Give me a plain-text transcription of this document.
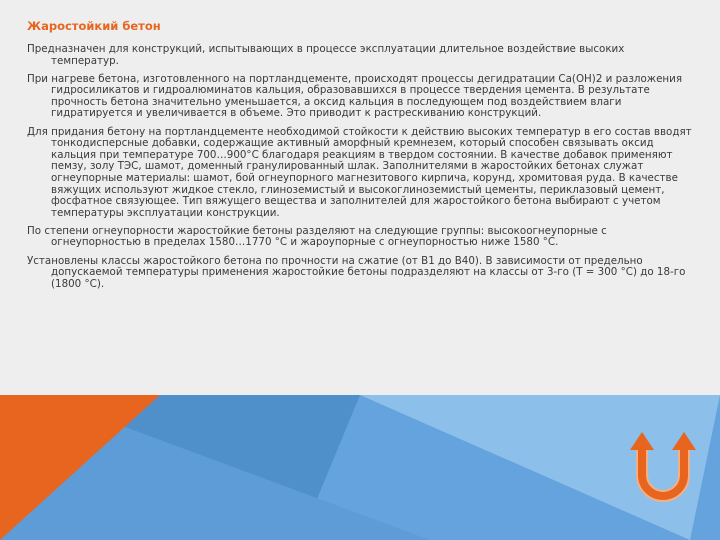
Жаростойкий бетон

Предназначен для конструкций, испытывающих в процессе эксплуатации длительное воздействие высоких температур.

При нагреве бетона, изготовленного на портландцементе, происходят процессы дегидратации Са(ОН)2 и разложения гидросиликатов и гидроалюминатов кальция, образовавшихся в процессе твердения цемента. В результате прочность бетона значительно уменьшается, а оксид кальция в последующем под воздействием влаги гидратируется и увеличивается в объеме. Это приводит к растрескиванию конструкций.

Для придания бетону на портландцементе необходимой стойкости к действию высоких температур в его состав вводят тонкодисперсные добавки, содержащие активный аморфный кремнезем, который способен связывать оксид кальция при температуре 700…900°С благодаря реакциям в твердом состоянии. В качестве добавок применяют пемзу, золу ТЭС, шамот, доменный гранулированный шлак. Заполнителями в жаростойких бетонах служат огнеупорные материалы: шамот, бой огнеупорного магнезитового кирпича, корунд, хромитовая руда. В качестве вяжущих используют жидкое стекло, глиноземистый и высокоглиноземистый цементы, периклазовый цемент, фосфатное связующее. Тип вяжущего вещества и заполнителей для жаростойкого бетона выбирают с учетом температуры эксплуатации конструкции.

По степени огнеупорности жаростойкие бетоны разделяют на следующие группы: высокоогнеупорные с огнеупорностью в пределах 1580…1770 °С и жароупорные с огнеупорностью ниже 1580 °С.

Установлены классы жаростойкого бетона по прочности на сжатие (от В1 до В40). В зависимости от предельно допускаемой температуры применения жаростойкие бетоны подразделяют на классы от 3-го (Т = 300 °С) до 18-го (1800 °С).
